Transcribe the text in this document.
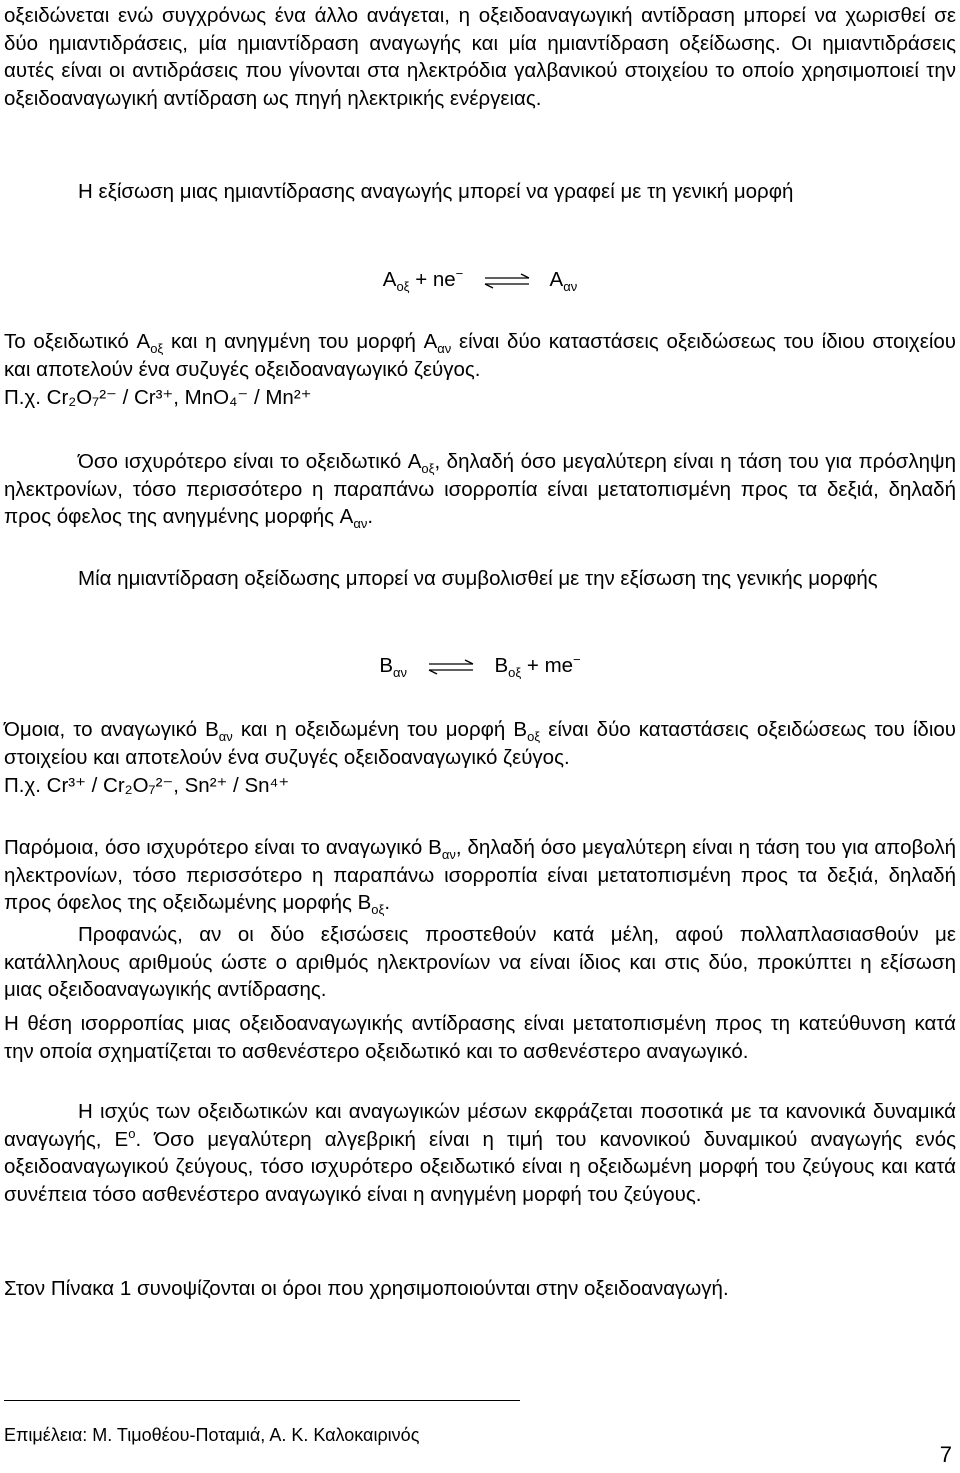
οξειδώνεται ενώ συγχρόνως ένα άλλο ανάγεται, η οξειδοαναγωγική αντίδραση μπορεί να χωρισθεί σε δύο ημιαντιδράσεις, μία ημιαντίδραση αναγωγής και μία ημιαντίδραση οξείδωσης. Οι ημιαντιδράσεις αυτές είναι οι αντιδράσεις που γίνονται στα ηλεκτρόδια γαλβανικού στοιχείου το οποίο χρησιμοποιεί την οξειδοαναγωγική αντίδραση ως πηγή ηλεκτρικής ενέργειας.

Η εξίσωση μιας ημιαντίδρασης αναγωγής μπορεί να γραφεί με τη γενική μορφή

$A_{o\xi} + ne^-$ ⇌ $A_{\alpha\nu}$

Το οξειδωτικό $A_{o\xi}$ και η ανηγμένη του μορφή $A_{\alpha\nu}$ είναι δύο καταστάσεις οξειδώσεως του ίδιου στοιχείου και αποτελούν ένα συζυγές οξειδοαναγωγικό ζεύγος.

Π.χ. Cr₂O₇²⁻ / Cr³⁺, MnO₄⁻ / Mn²⁺

Όσο ισχυρότερο είναι το οξειδωτικό $A_{o\xi}$, δηλαδή όσο μεγαλύτερη είναι η τάση του για πρόσληψη ηλεκτρονίων, τόσο περισσότερο η παραπάνω ισορροπία είναι μετατοπισμένη προς τα δεξιά, δηλαδή προς όφελος της ανηγμένης μορφής $A_{\alpha\nu}$.

Μία ημιαντίδραση οξείδωσης μπορεί να συμβολισθεί με την εξίσωση της γενικής μορφής

$B_{\alpha\nu}$ ⇌ $B_{o\xi} + me^-$

Όμοια, το αναγωγικό $B_{\alpha\nu}$ και η οξειδωμένη του μορφή $B_{o\xi}$ είναι δύο καταστάσεις οξειδώσεως του ίδιου στοιχείου και αποτελούν ένα συζυγές οξειδοαναγωγικό ζεύγος.

Π.χ. Cr³⁺ / Cr₂O₇²⁻, Sn²⁺ / Sn⁴⁺

Παρόμοια, όσο ισχυρότερο είναι το αναγωγικό $B_{\alpha\nu}$, δηλαδή όσο μεγαλύτερη είναι η τάση του για αποβολή ηλεκτρονίων, τόσο περισσότερο η παραπάνω ισορροπία είναι μετατοπισμένη προς τα δεξιά, δηλαδή προς όφελος της οξειδωμένης μορφής $B_{o\xi}$.

Προφανώς, αν οι δύο εξισώσεις προστεθούν κατά μέλη, αφού πολλαπλασιασθούν με κατάλληλους αριθμούς ώστε ο αριθμός ηλεκτρονίων να είναι ίδιος και στις δύο, προκύπτει η εξίσωση μιας οξειδοαναγωγικής αντίδρασης.

Η θέση ισορροπίας μιας οξειδοαναγωγικής αντίδρασης είναι μετατοπισμένη προς τη κατεύθυνση κατά την οποία σχηματίζεται το ασθενέστερο οξειδωτικό και το ασθενέστερο αναγωγικό.

Η ισχύς των οξειδωτικών και αναγωγικών μέσων εκφράζεται ποσοτικά με τα κανονικά δυναμικά αναγωγής, $E^o$. Όσο μεγαλύτερη αλγεβρική είναι η τιμή του κανονικού δυναμικού αναγωγής ενός οξειδοαναγωγικού ζεύγους, τόσο ισχυρότερο οξειδωτικό είναι η οξειδωμένη μορφή του ζεύγους και κατά συνέπεια τόσο ασθενέστερο αναγωγικό είναι η ανηγμένη μορφή του ζεύγους.

Στον Πίνακα 1 συνοψίζονται οι όροι που χρησιμοποιούνται στην οξειδοαναγωγή.

Επιμέλεια: Μ. Τιμοθέου-Ποταμιά, Α. Κ. Καλοκαιρινός
7
